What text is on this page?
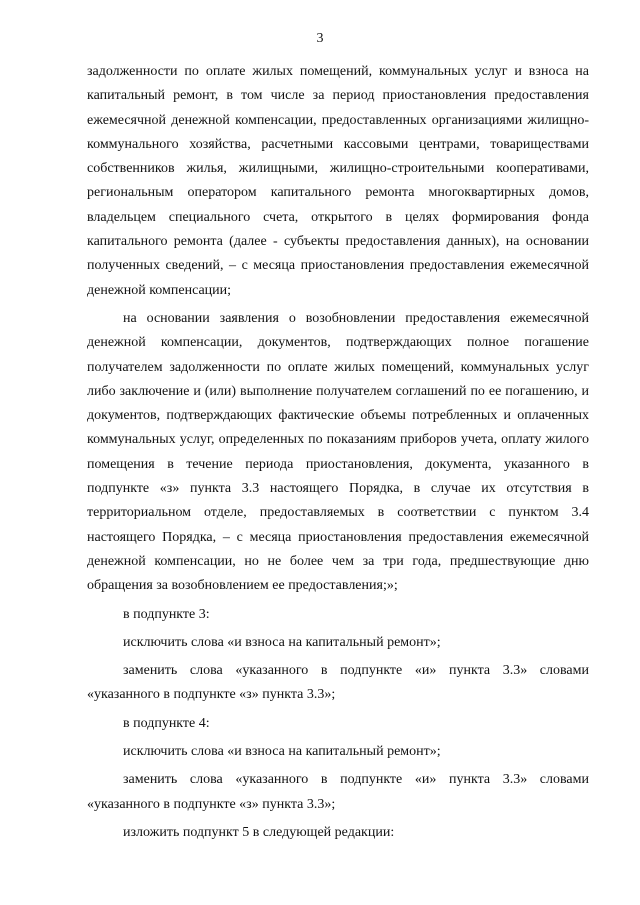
3

задолженности по оплате жилых помещений, коммунальных услуг и взноса на капитальный ремонт, в том числе за период приостановления предоставления ежемесячной денежной компенсации, предоставленных организациями жилищно-коммунального хозяйства, расчетными кассовыми центрами, товариществами собственников жилья, жилищными, жилищно-строительными кооперативами, региональным оператором капитального ремонта многоквартирных домов, владельцем специального счета, открытого в целях формирования фонда капитального ремонта (далее - субъекты предоставления данных), на основании полученных сведений, – с месяца приостановления предоставления ежемесячной денежной компенсации;

на основании заявления о возобновлении предоставления ежемесячной денежной компенсации, документов, подтверждающих полное погашение получателем задолженности по оплате жилых помещений, коммунальных услуг либо заключение и (или) выполнение получателем соглашений по ее погашению, и документов, подтверждающих фактические объемы потребленных и оплаченных коммунальных услуг, определенных по показаниям приборов учета, оплату жилого помещения в течение периода приостановления, документа, указанного в подпункте «з» пункта 3.3 настоящего Порядка, в случае их отсутствия в территориальном отделе, предоставляемых в соответствии с пунктом 3.4 настоящего Порядка, – с месяца приостановления предоставления ежемесячной денежной компенсации, но не более чем за три года, предшествующие дню обращения за возобновлением ее предоставления;»;

в подпункте 3:

исключить слова «и взноса на капитальный ремонт»;

заменить слова «указанного в подпункте «и» пункта 3.3» словами «указанного в подпункте «з» пункта 3.3»;

в подпункте 4:

исключить слова «и взноса на капитальный ремонт»;

заменить слова «указанного в подпункте «и» пункта 3.3» словами «указанного в подпункте «з» пункта 3.3»;

изложить подпункт 5 в следующей редакции:
